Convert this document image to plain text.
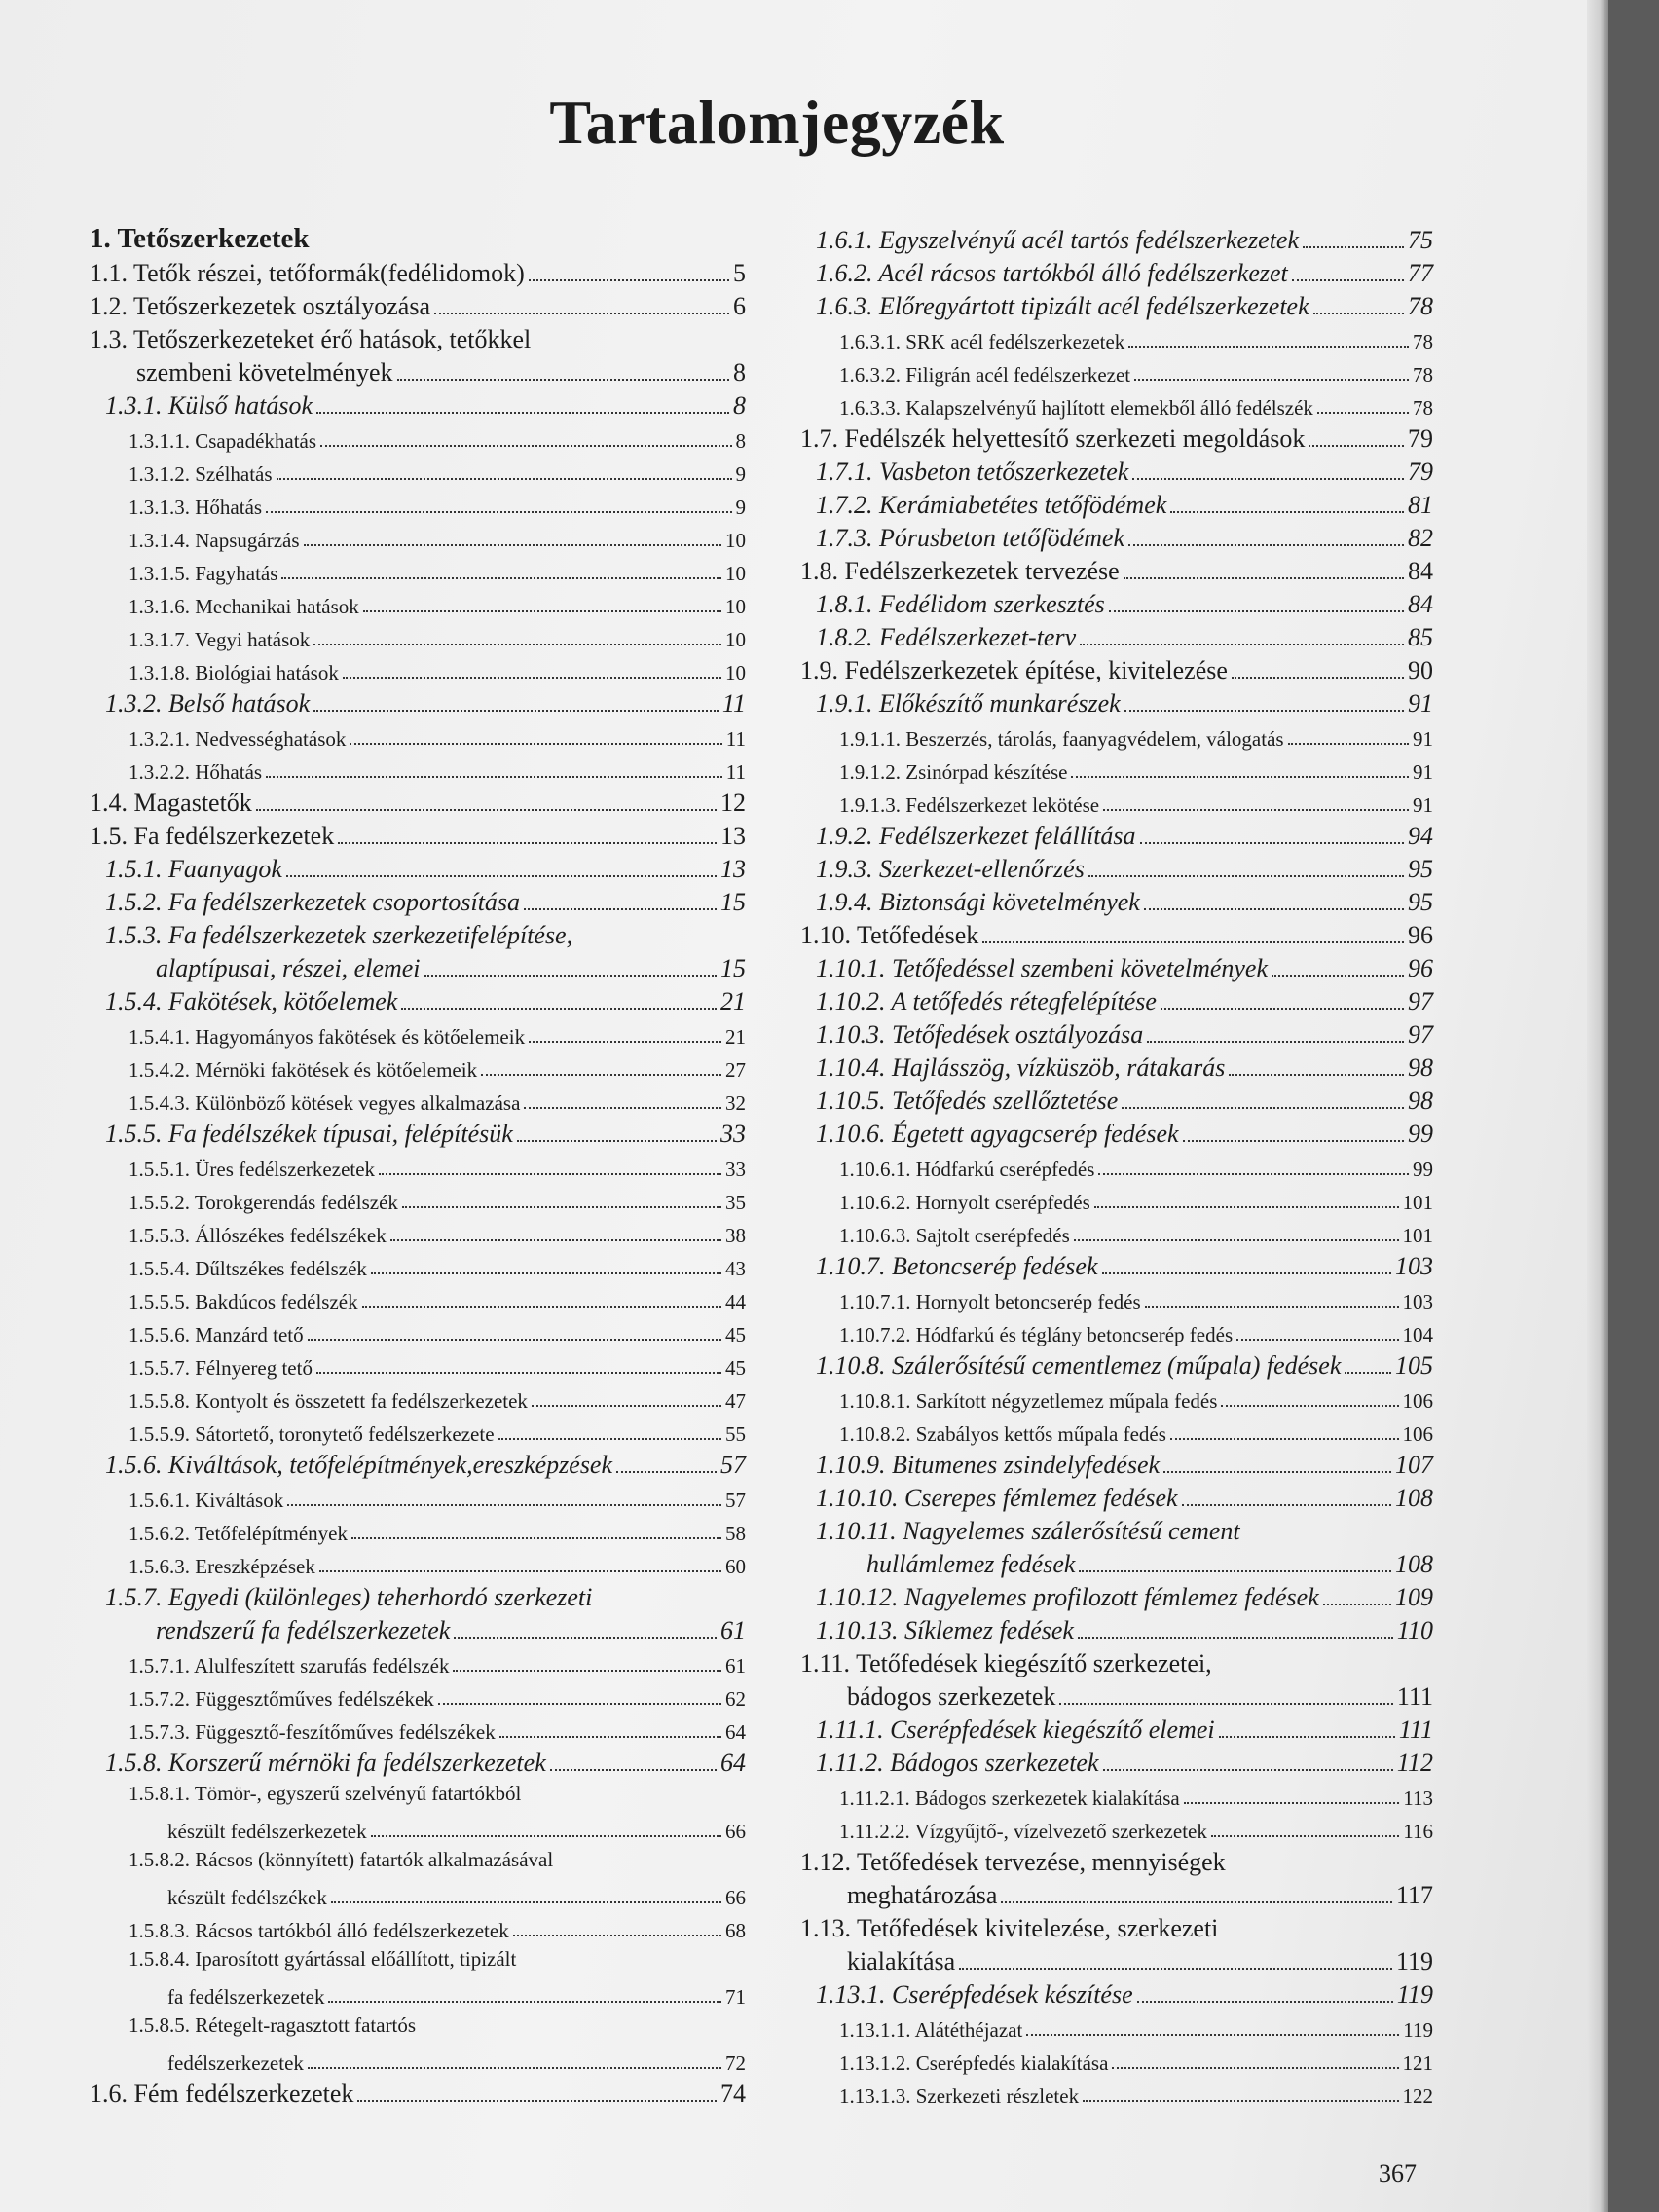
Tartalomjegyzék
1. Tetőszerkezetek
1.1. Tetők részei, tetőformák(fedélidomok)	5
1.2. Tetőszerkezetek osztályozása	6
1.3. Tetőszerkezeteket érő hatások, tetőkkel
szembeni követelmények	8
1.3.1. Külső hatások	8
1.3.1.1. Csapadékhatás	8
1.3.1.2. Szélhatás	9
1.3.1.3. Hőhatás	9
1.3.1.4. Napsugárzás	10
1.3.1.5. Fagyhatás	10
1.3.1.6. Mechanikai hatások	10
1.3.1.7. Vegyi hatások	10
1.3.1.8. Biológiai hatások	10
1.3.2. Belső hatások	11
1.3.2.1. Nedvességhatások	11
1.3.2.2. Hőhatás	11
1.4. Magastetők	12
1.5. Fa fedélszerkezetek	13
1.5.1. Faanyagok	13
1.5.2. Fa fedélszerkezetek csoportosítása	15
1.5.3. Fa fedélszerkezetek szerkezetifelépítése,
alaptípusai, részei, elemei	15
1.5.4. Fakötések, kötőelemek	21
1.5.4.1. Hagyományos fakötések és kötőelemeik	21
1.5.4.2. Mérnöki fakötések és kötőelemeik	27
1.5.4.3. Különböző kötések vegyes alkalmazása	32
1.5.5. Fa fedélszékek típusai, felépítésük	33
1.5.5.1. Üres fedélszerkezetek	33
1.5.5.2. Torokgerendás fedélszék	35
1.5.5.3. Állószékes fedélszékek	38
1.5.5.4. Dűltszékes fedélszék	43
1.5.5.5. Bakdúcos fedélszék	44
1.5.5.6. Manzárd tető	45
1.5.5.7. Félnyereg tető	45
1.5.5.8. Kontyolt és összetett fa fedélszerkezetek	47
1.5.5.9. Sátortető, toronytető fedélszerkezete	55
1.5.6. Kiváltások, tetőfelépítmények,ereszképzések	57
1.5.6.1. Kiváltások	57
1.5.6.2. Tetőfelépítmények	58
1.5.6.3. Ereszképzések	60
1.5.7. Egyedi (különleges) teherhordó szerkezeti
rendszerű fa fedélszerkezetek	61
1.5.7.1. Alulfeszített szarufás fedélszék	61
1.5.7.2. Függesztőműves fedélszékek	62
1.5.7.3. Függesztő-feszítőműves fedélszékek	64
1.5.8. Korszerű mérnöki fa fedélszerkezetek	64
1.5.8.1. Tömör-, egyszerű szelvényű fatartókból
készült fedélszerkezetek	66
1.5.8.2. Rácsos (könnyített) fatartók alkalmazásával
készült fedélszékek	66
1.5.8.3. Rácsos tartókból álló fedélszerkezetek	68
1.5.8.4. Iparosított gyártással előállított, tipizált
fa fedélszerkezetek	71
1.5.8.5. Rétegelt-ragasztott fatartós
fedélszerkezetek	72
1.6. Fém fedélszerkezetek	74
1.6.1. Egyszelvényű acél tartós fedélszerkezetek	75
1.6.2. Acél rácsos tartókból álló fedélszerkezet	77
1.6.3. Előregyártott tipizált acél fedélszerkezetek	78
1.6.3.1. SRK acél fedélszerkezetek	78
1.6.3.2. Filigrán acél fedélszerkezet	78
1.6.3.3. Kalapszelvényű hajlított elemekből álló fedélszék	78
1.7. Fedélszék helyettesítő szerkezeti megoldások	79
1.7.1. Vasbeton tetőszerkezetek	79
1.7.2. Kerámiabetétes tetőfödémek	81
1.7.3. Pórusbeton tetőfödémek	82
1.8. Fedélszerkezetek tervezése	84
1.8.1. Fedélidom szerkesztés	84
1.8.2. Fedélszerkezet-terv	85
1.9. Fedélszerkezetek építése, kivitelezése	90
1.9.1. Előkészítő munkarészek	91
1.9.1.1. Beszerzés, tárolás, faanyagvédelem, válogatás	91
1.9.1.2. Zsinórpad készítése	91
1.9.1.3. Fedélszerkezet lekötése	91
1.9.2. Fedélszerkezet felállítása	94
1.9.3. Szerkezet-ellenőrzés	95
1.9.4. Biztonsági követelmények	95
1.10. Tetőfedések	96
1.10.1. Tetőfedéssel szembeni követelmények	96
1.10.2. A tetőfedés rétegfelépítése	97
1.10.3. Tetőfedések osztályozása	97
1.10.4. Hajlásszög, vízküszöb, rátakarás	98
1.10.5. Tetőfedés szellőztetése	98
1.10.6. Égetett agyagcserép fedések	99
1.10.6.1. Hódfarkú cserépfedés	99
1.10.6.2. Hornyolt cserépfedés	101
1.10.6.3. Sajtolt cserépfedés	101
1.10.7. Betoncserép fedések	103
1.10.7.1. Hornyolt betoncserép fedés	103
1.10.7.2. Hódfarkú és téglány betoncserép fedés	104
1.10.8. Szálerősítésű cementlemez (műpala) fedések 105
1.10.8.1. Sarkított négyzetlemez műpala fedés	106
1.10.8.2. Szabályos kettős műpala fedés	106
1.10.9. Bitumenes zsindelyfedések	107
1.10.10. Cserepes fémlemez fedések	108
1.10.11. Nagyelemes szálerősítésű cement
hullámlemez fedések	108
1.10.12. Nagyelemes profilozott fémlemez fedések	109
1.10.13. Síklemez fedések	110
1.11. Tetőfedések kiegészítő szerkezetei,
bádogos szerkezetek	111
1.11.1. Cserépfedések kiegészítő elemei	111
1.11.2. Bádogos szerkezetek	112
1.11.2.1. Bádogos szerkezetek kialakítása	113
1.11.2.2. Vízgyűjtő-, vízelvezető szerkezetek	116
1.12. Tetőfedések tervezése, mennyiségek
meghatározása	117
1.13. Tetőfedések kivitelezése, szerkezeti
kialakítása	119
1.13.1. Cserépfedések készítése	119
1.13.1.1. Alátéthéjazat	119
1.13.1.2. Cserépfedés kialakítása	121
1.13.1.3. Szerkezeti részletek	122
367
